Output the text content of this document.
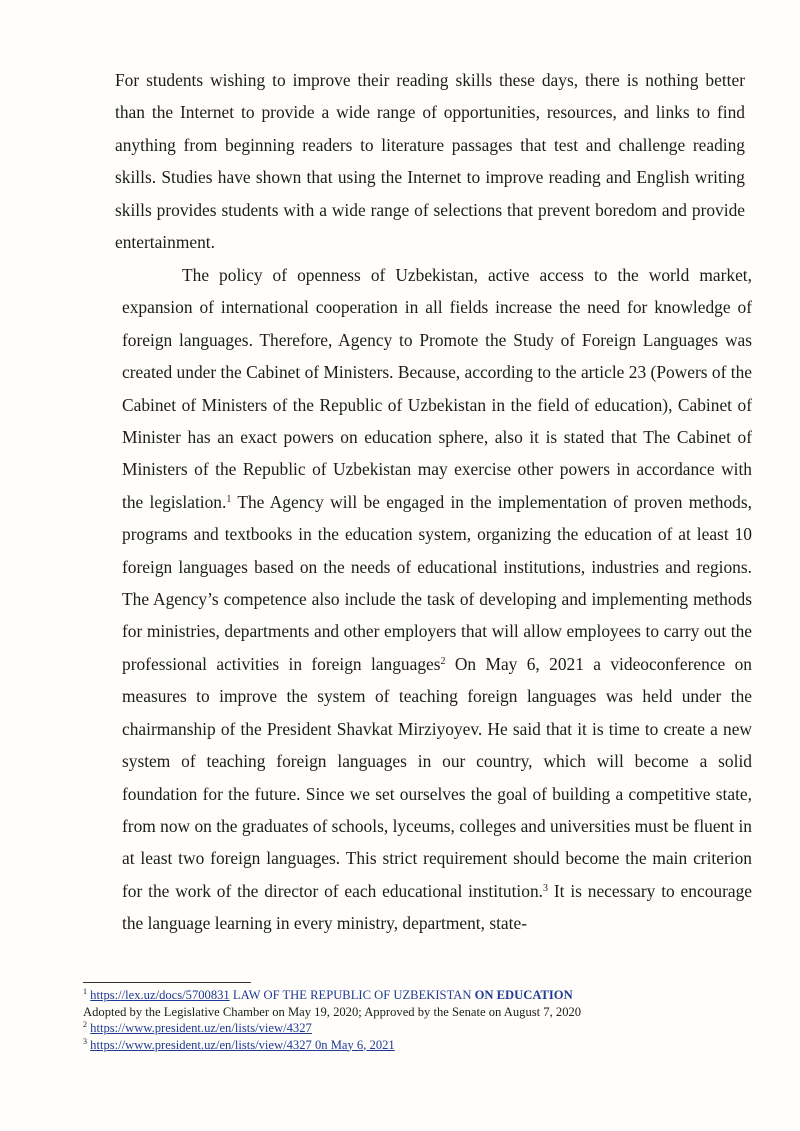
For students wishing to improve their reading skills these days, there is nothing better than the Internet to provide a wide range of opportunities, resources, and links to find anything from beginning readers to literature passages that test and challenge reading skills. Studies have shown that using the Internet to improve reading and English writing skills provides students with a wide range of selections that prevent boredom and provide entertainment.

The policy of openness of Uzbekistan, active access to the world market, expansion of international cooperation in all fields increase the need for knowledge of foreign languages. Therefore, Agency to Promote the Study of Foreign Languages was created under the Cabinet of Ministers. Because, according to the article 23 (Powers of the Cabinet of Ministers of the Republic of Uzbekistan in the field of education), Cabinet of Minister has an exact powers on education sphere, also it is stated that The Cabinet of Ministers of the Republic of Uzbekistan may exercise other powers in accordance with the legislation.$^1$ The Agency will be engaged in the implementation of proven methods, programs and textbooks in the education system, organizing the education of at least 10 foreign languages based on the needs of educational institutions, industries and regions. The Agency’s competence also include the task of developing and implementing methods for ministries, departments and other employers that will allow employees to carry out the professional activities in foreign languages$^2$ On May 6, 2021 a videoconference on measures to improve the system of teaching foreign languages was held under the chairmanship of the President Shavkat Mirziyoyev. He said that it is time to create a new system of teaching foreign languages in our country, which will become a solid foundation for the future. Since we set ourselves the goal of building a competitive state, from now on the graduates of schools, lyceums, colleges and universities must be fluent in at least two foreign languages. This strict requirement should become the main criterion for the work of the director of each educational institution.$^3$ It is necessary to encourage the language learning in every ministry, department, state-

$^1$ https://lex.uz/docs/5700831 LAW OF THE REPUBLIC OF UZBEKISTAN ON EDUCATION
Adopted by the Legislative Chamber on May 19, 2020; Approved by the Senate on August 7, 2020
$^2$ https://www.president.uz/en/lists/view/4327
$^3$ https://www.president.uz/en/lists/view/4327 0n May 6, 2021
